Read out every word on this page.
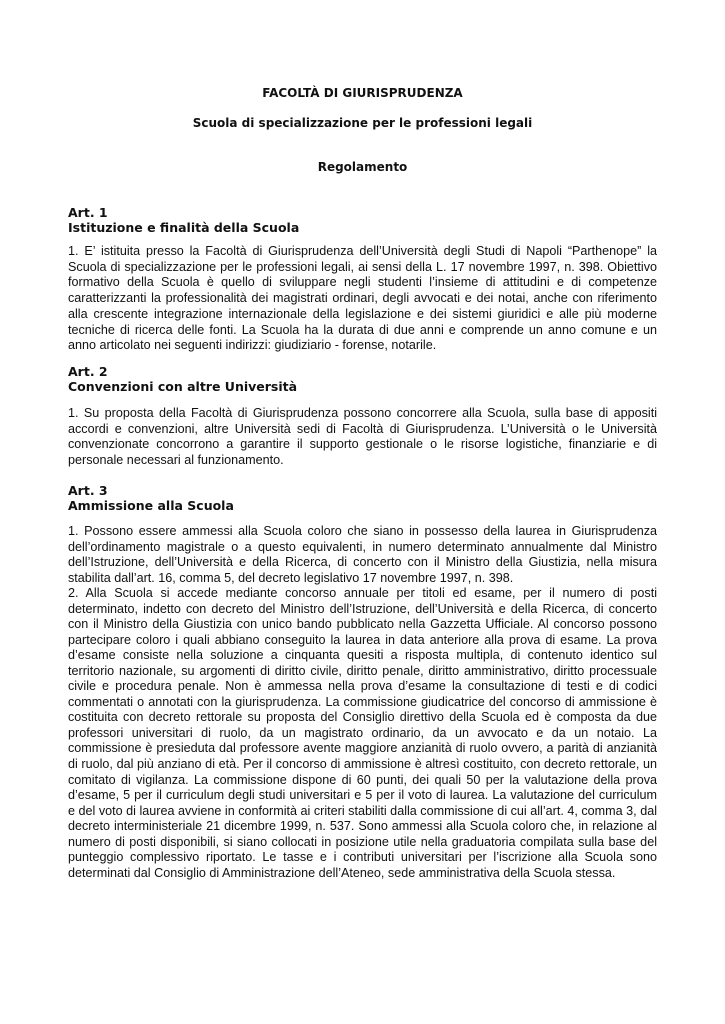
FACOLTÀ DI GIURISPRUDENZA
Scuola di specializzazione per le professioni legali
Regolamento
Art. 1
Istituzione e finalità della Scuola

1. E’ istituita presso la Facoltà di Giurisprudenza dell’Università degli Studi di Napoli “Parthenope” la Scuola di specializzazione per le professioni legali, ai sensi della L. 17 novembre 1997, n. 398. Obiettivo formativo della Scuola è quello di sviluppare negli studenti l’insieme di attitudini e di competenze caratterizzanti la professionalità dei magistrati ordinari, degli avvocati e dei notai, anche con riferimento alla crescente integrazione internazionale della legislazione e dei sistemi giuridici e alle più moderne tecniche di ricerca delle fonti. La Scuola ha la durata di due anni e comprende un anno comune e un anno articolato nei seguenti indirizzi: giudiziario - forense, notarile.

Art. 2
Convenzioni con altre Università

1. Su proposta della Facoltà di Giurisprudenza possono concorrere alla Scuola, sulla base di appositi accordi e convenzioni, altre Università sedi di Facoltà di Giurisprudenza. L’Università o le Università convenzionate concorrono a garantire il supporto gestionale o le risorse logistiche, finanziarie e di personale necessari al funzionamento.

Art. 3
Ammissione alla Scuola

1. Possono essere ammessi alla Scuola coloro che siano in possesso della laurea in Giurisprudenza dell’ordinamento magistrale o a questo equivalenti, in numero determinato annualmente dal Ministro dell’Istruzione, dell’Università e della Ricerca, di concerto con il Ministro della Giustizia, nella misura stabilita dall’art. 16, comma 5, del decreto legislativo 17 novembre 1997, n. 398.

2. Alla Scuola si accede mediante concorso annuale per titoli ed esame, per il numero di posti determinato, indetto con decreto del Ministro dell’Istruzione, dell’Università e della Ricerca, di concerto con il Ministro della Giustizia con unico bando pubblicato nella Gazzetta Ufficiale. Al concorso possono partecipare coloro i quali abbiano conseguito la laurea in data anteriore alla prova di esame. La prova d’esame consiste nella soluzione a cinquanta quesiti a risposta multipla, di contenuto identico sul territorio nazionale, su argomenti di diritto civile, diritto penale, diritto amministrativo, diritto processuale civile e procedura penale. Non è ammessa nella prova d’esame la consultazione di testi e di codici commentati o annotati con la giurisprudenza. La commissione giudicatrice del concorso di ammissione è costituita con decreto rettorale su proposta del Consiglio direttivo della Scuola ed è composta da due professori universitari di ruolo, da un magistrato ordinario, da un avvocato e da un notaio. La commissione è presieduta dal professore avente maggiore anzianità di ruolo ovvero, a parità di anzianità di ruolo, dal più anziano di età. Per il concorso di ammissione è altresì costituito, con decreto rettorale, un comitato di vigilanza. La commissione dispone di 60 punti, dei quali 50 per la valutazione della prova d’esame, 5 per il curriculum degli studi universitari e 5 per il voto di laurea. La valutazione del curriculum e del voto di laurea avviene in conformità ai criteri stabiliti dalla commissione di cui all’art. 4, comma 3, dal decreto interministeriale 21 dicembre 1999, n. 537. Sono ammessi alla Scuola coloro che, in relazione al numero di posti disponibili, si siano collocati in posizione utile nella graduatoria compilata sulla base del punteggio complessivo riportato. Le tasse e i contributi universitari per l’iscrizione alla Scuola sono determinati dal Consiglio di Amministrazione dell’Ateneo, sede amministrativa della Scuola stessa.
